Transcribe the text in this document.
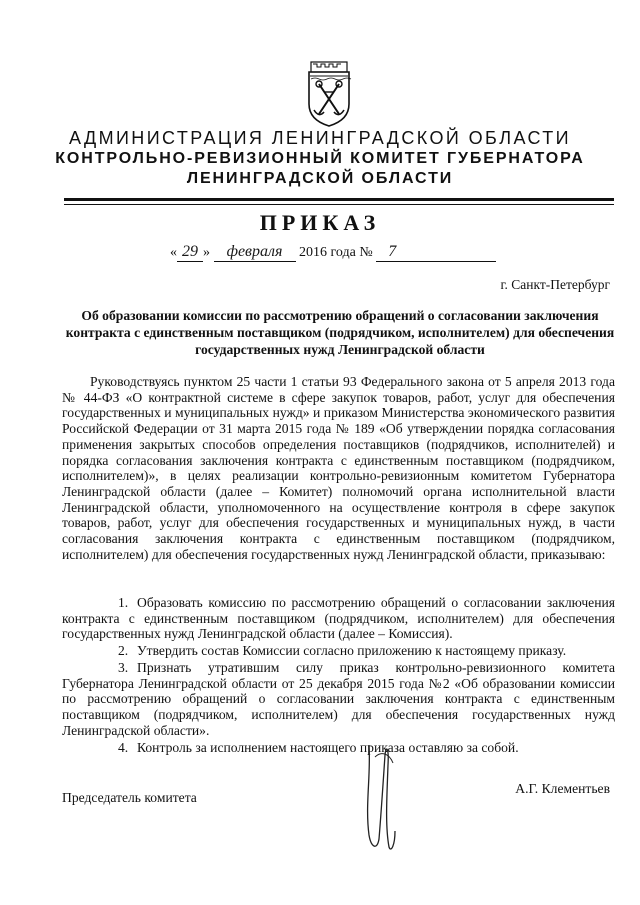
АДМИНИСТРАЦИЯ ЛЕНИНГРАДСКОЙ ОБЛАСТИ
КОНТРОЛЬНО-РЕВИЗИОННЫЙ КОМИТЕТ ГУБЕРНАТОРА
ЛЕНИНГРАДСКОЙ ОБЛАСТИ
ПРИКАЗ
« 29 » февраля 2016 года № 7
г. Санкт-Петербург
Об образовании комиссии по рассмотрению обращений о согласовании заключения контракта с единственным поставщиком (подрядчиком, исполнителем) для обеспечения государственных нужд Ленинградской области
Руководствуясь пунктом 25 части 1 статьи 93 Федерального закона от 5 апреля 2013 года № 44-ФЗ «О контрактной системе в сфере закупок товаров, работ, услуг для обеспечения государственных и муниципальных нужд» и приказом Министерства экономического развития Российской Федерации от 31 марта 2015 года № 189 «Об утверждении порядка согласования применения закрытых способов определения поставщиков (подрядчиков, исполнителей) и порядка согласования заключения контракта с единственным поставщиком (подрядчиком, исполнителем)», в целях реализации контрольно-ревизионным комитетом Губернатора Ленинградской области (далее – Комитет) полномочий органа исполнительной власти Ленинградской области, уполномоченного на осуществление контроля в сфере закупок товаров, работ, услуг для обеспечения государственных и муниципальных нужд, в части согласования заключения контракта с единственным поставщиком (подрядчиком, исполнителем) для обеспечения государственных нужд Ленинградской области, приказываю:
1. Образовать комиссию по рассмотрению обращений о согласовании заключения контракта с единственным поставщиком (подрядчиком, исполнителем) для обеспечения государственных нужд Ленинградской области (далее – Комиссия).
2. Утвердить состав Комиссии согласно приложению к настоящему приказу.
3. Признать утратившим силу приказ контрольно-ревизионного комитета Губернатора Ленинградской области от 25 декабря 2015 года №2 «Об образовании комиссии по рассмотрению обращений о согласовании заключения контракта с единственным поставщиком (подрядчиком, исполнителем) для обеспечения государственных нужд Ленинградской области».
4. Контроль за исполнением настоящего приказа оставляю за собой.
Председатель комитета
А.Г. Клементьев
